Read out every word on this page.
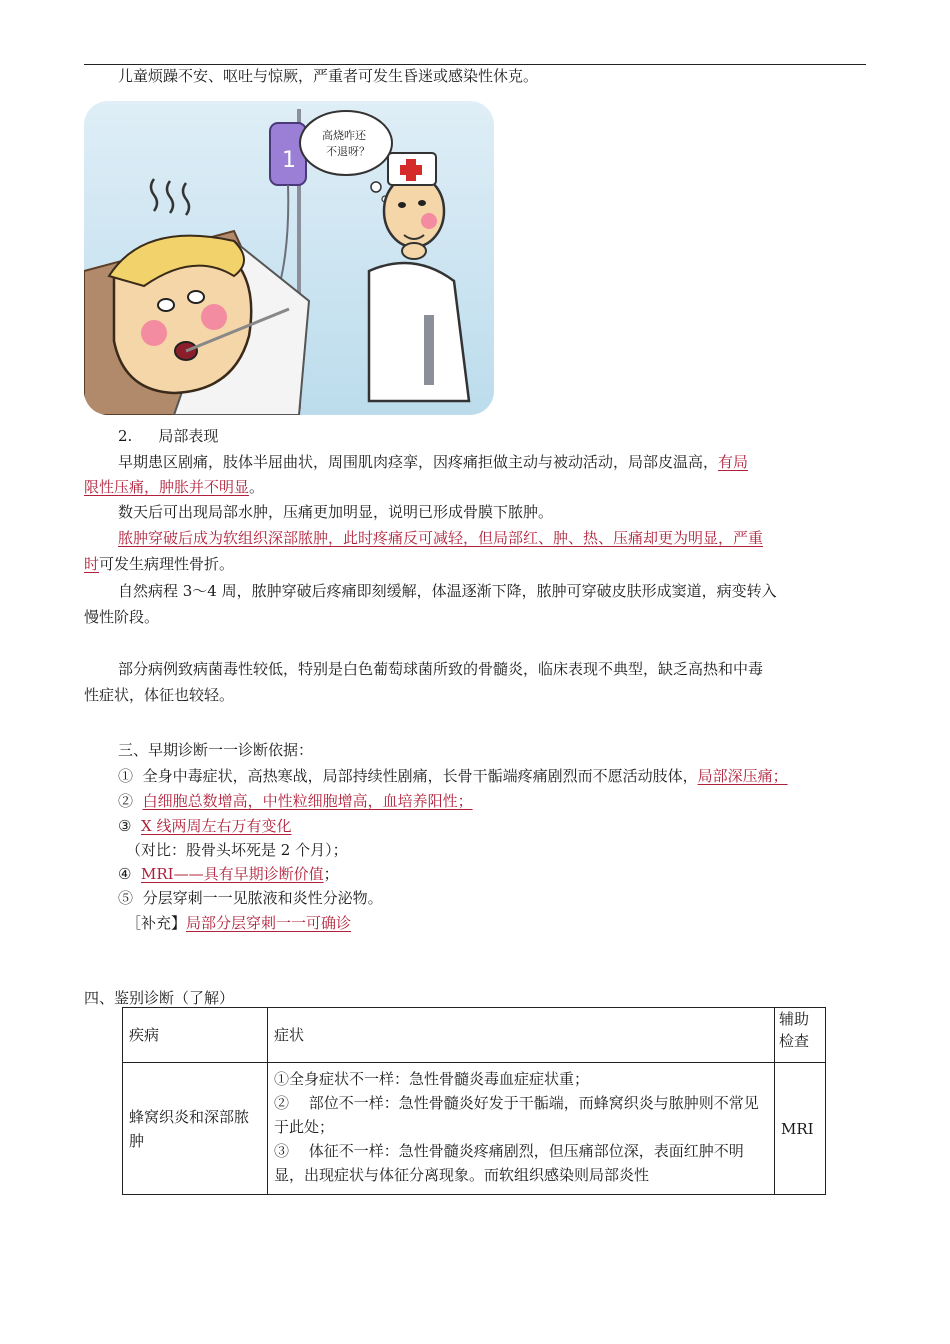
儿童烦躁不安、呕吐与惊厥，严重者可发生昏迷或感染性休克。
1
高烧咋还
不退呀？
2. 局部表现
早期患区剧痛，肢体半屈曲状，周围肌肉痉挛，因疼痛拒做主动与被动活动，局部皮温高，有局
限性压痛，肿胀并不明显。
数天后可出现局部水肿，压痛更加明显，说明已形成骨膜下脓肿。
脓肿穿破后成为软组织深部脓肿，此时疼痛反可减轻，但局部红、肿、热、压痛却更为明显，严重
时可发生病理性骨折。
自然病程 3～4 周，脓肿穿破后疼痛即刻缓解，体温逐渐下降，脓肿可穿破皮肤形成窦道，病变转入
慢性阶段。
部分病例致病菌毒性较低，特别是白色葡萄球菌所致的骨髓炎，临床表现不典型，缺乏高热和中毒
性症状，体征也较轻。
三、早期诊断一一诊断依据：
① 全身中毒症状，高热寒战，局部持续性剧痛，长骨干骺端疼痛剧烈而不愿活动肢体，局部深压痛；
② 白细胞总数增高，中性粒细胞增高，血培养阳性；
③ X 线两周左右万有变化
（对比：股骨头坏死是 2 个月）；
④ MRI——具有早期诊断价值；
⑤ 分层穿刺一一见脓液和炎性分泌物。
［补充】局部分层穿刺一一可确诊
四、鉴别诊断（了解）
疾病	症状	辅助检查

蜂窝织炎和深部脓肿	①全身症状不一样：急性骨髓炎毒血症症状重；
②　 部位不一样：急性骨髓炎好发于干骺端，而蜂窝织炎与脓肿则不常见于此处；
③　 体征不一样：急性骨髓炎疼痛剧烈，但压痛部位深，表面红肿不明显，出现症状与体征分离现象。而软组织感染则局部炎性	MRI
